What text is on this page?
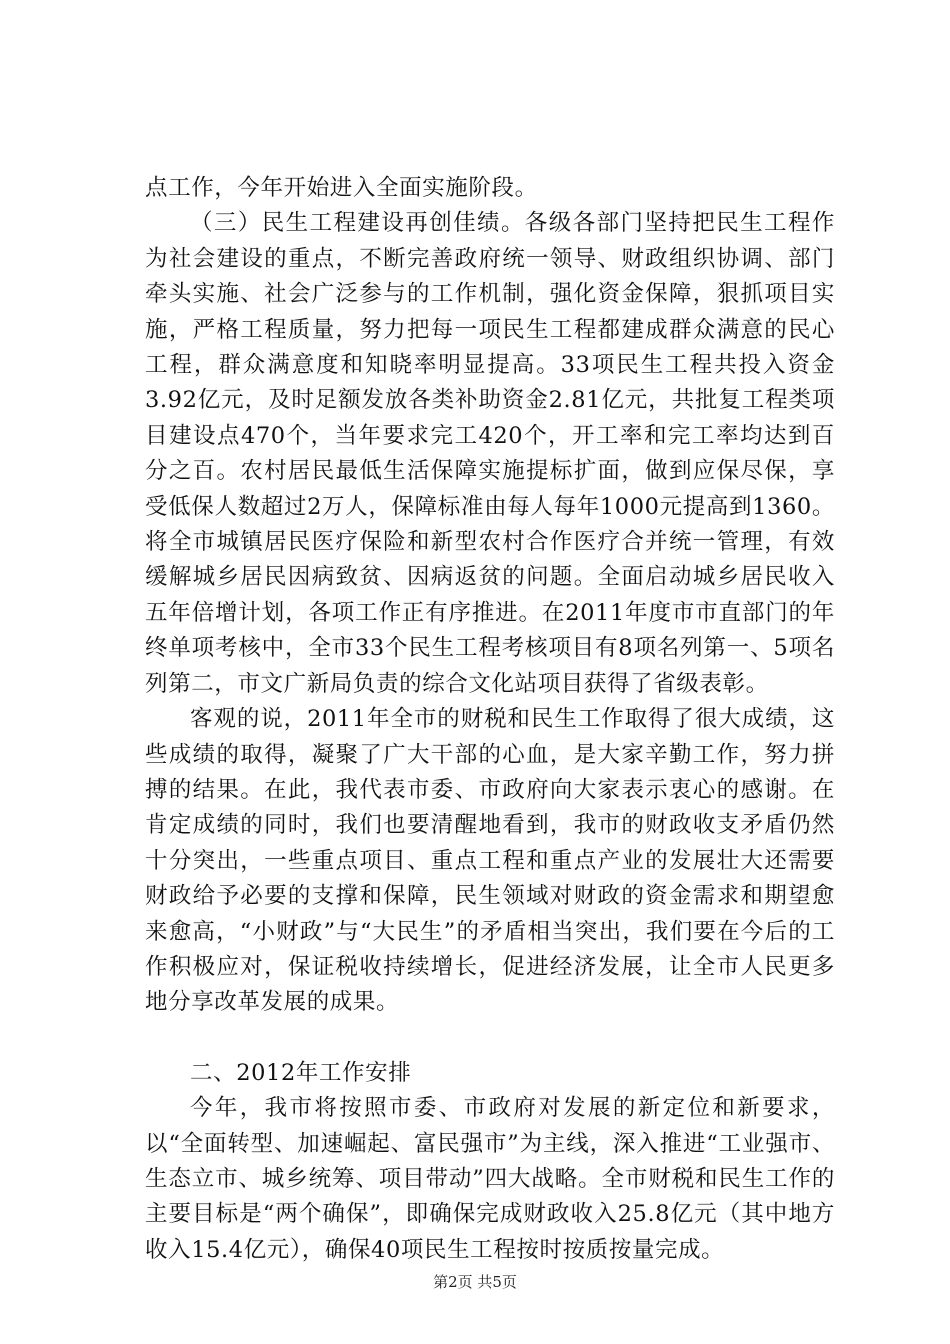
点工作，今年开始进入全面实施阶段。

（三）民生工程建设再创佳绩。各级各部门坚持把民生工程作为社会建设的重点，不断完善政府统一领导、财政组织协调、部门牵头实施、社会广泛参与的工作机制，强化资金保障，狠抓项目实施，严格工程质量，努力把每一项民生工程都建成群众满意的民心工程，群众满意度和知晓率明显提高。33项民生工程共投入资金3.92亿元，及时足额发放各类补助资金2.81亿元，共批复工程类项目建设点470个，当年要求完工420个，开工率和完工率均达到百分之百。农村居民最低生活保障实施提标扩面，做到应保尽保，享受低保人数超过2万人，保障标准由每人每年1000元提高到1360。将全市城镇居民医疗保险和新型农村合作医疗合并统一管理，有效缓解城乡居民因病致贫、因病返贫的问题。全面启动城乡居民收入五年倍增计划，各项工作正有序推进。在2011年度市市直部门的年终单项考核中，全市33个民生工程考核项目有8项名列第一、5项名列第二，市文广新局负责的综合文化站项目获得了省级表彰。

客观的说，2011年全市的财税和民生工作取得了很大成绩，这些成绩的取得，凝聚了广大干部的心血，是大家辛勤工作，努力拼搏的结果。在此，我代表市委、市政府向大家表示衷心的感谢。在肯定成绩的同时，我们也要清醒地看到，我市的财政收支矛盾仍然十分突出，一些重点项目、重点工程和重点产业的发展壮大还需要财政给予必要的支撑和保障，民生领域对财政的资金需求和期望愈来愈高，“小财政”与“大民生”的矛盾相当突出，我们要在今后的工作积极应对，保证税收持续增长，促进经济发展，让全市人民更多地分享改革发展的成果。

二、2012年工作安排

今年，我市将按照市委、市政府对发展的新定位和新要求，以“全面转型、加速崛起、富民强市”为主线，深入推进“工业强市、生态立市、城乡统筹、项目带动”四大战略。全市财税和民生工作的主要目标是“两个确保”，即确保完成财政收入25.8亿元（其中地方收入15.4亿元），确保40项民生工程按时按质按量完成。

第2页 共5页
